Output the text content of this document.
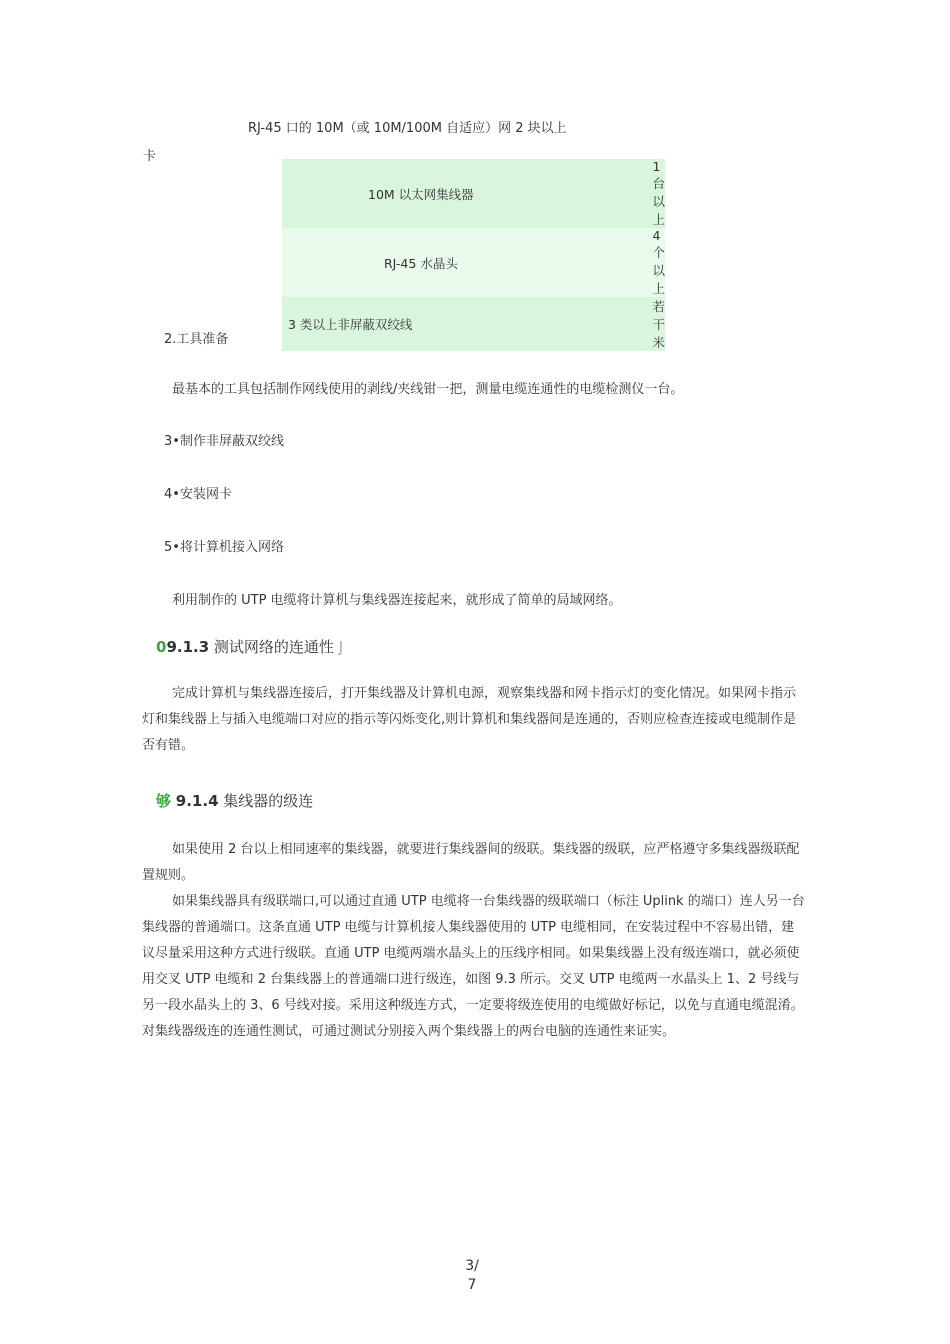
RJ-45 口的 10M（或 10M/100M 自适应）网 2 块以上
卡
10M 以太网集线器	1 台以上
RJ-45 水晶头	4 个以上
3 类以上非屏蔽双绞线	若干米
2.工具准备
最基本的工具包括制作网线使用的剥线/夹线钳一把，测量电缆连通性的电缆检测仪一台。
3•制作非屏蔽双绞线
4•安装网卡
5•将计算机接入网络
利用制作的 UTP 电缆将计算机与集线器连接起来，就形成了简单的局域网络。
09.1.3 测试网络的连通性 J
完成计算机与集线器连接后，打开集线器及计算机电源，观察集线器和网卡指示灯的变化情况。如果网卡指示灯和集线器上与插入电缆端口对应的指示等闪烁变化,则计算机和集线器间是连通的，否则应检查连接或电缆制作是否有错。
够 9.1.4 集线器的级连
如果使用 2 台以上相同速率的集线器，就要进行集线器间的级联。集线器的级联，应严格遵守多集线器级联配置规则。
如果集线器具有级联端口,可以通过直通 UTP 电缆将一台集线器的级联端口（标注 Uplink 的端口）连人另一台集线器的普通端口。这条直通 UTP 电缆与计算机接人集线器使用的 UTP 电缆相同，在安装过程中不容易出错，建议尽量采用这种方式进行级联。直通 UTP 电缆两端水晶头上的压线序相同。如果集线器上没有级连端口，就必须使用交叉 UTP 电缆和 2 台集线器上的普通端口进行级连，如图 9.3 所示。交叉 UTP 电缆两一水晶头上 1、2 号线与另一段水晶头上的 3、6 号线对接。采用这种级连方式，一定要将级连使用的电缆做好标记，以免与直通电缆混淆。对集线器级连的连通性测试，可通过测试分别接入两个集线器上的两台电脑的连通性来证实。
3/
7
